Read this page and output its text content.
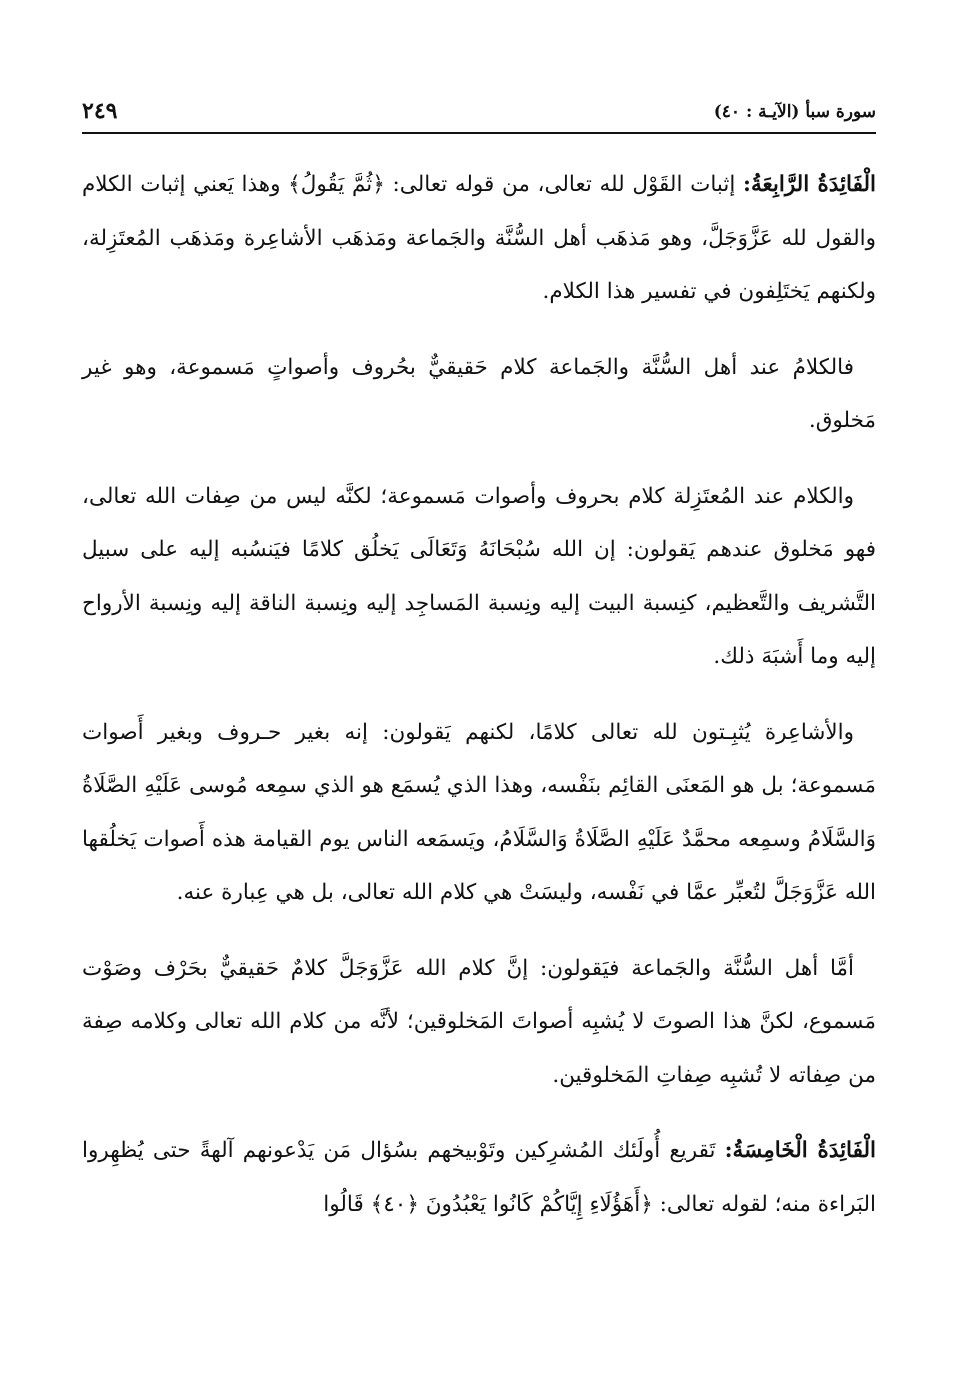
سورة سبأ (الآيـة : ٤٠)
٢٤٩

الْفَائِدَةُ الرَّابِعَةُ: إثبات القَوْل لله تعالى، من قوله تعالى: ﴿ثُمَّ يَقُولُ﴾ وهذا يَعني إثبات الكلام والقول لله عَزَّوَجَلَّ، وهو مَذهَب أهل السُّنَّة والجَماعة ومَذهَب الأشاعِرة ومَذهَب المُعتَزِلة، ولكنهم يَختَلِفون في تفسير هذا الكلام.

فالكلامُ عند أهل السُّنَّة والجَماعة كلام حَقيقيٌّ بحُروف وأصواتٍ مَسموعة، وهو غير مَخلوق.

والكلام عند المُعتَزِلة كلام بحروف وأصوات مَسموعة؛ لكنَّه ليس من صِفات الله تعالى، فهو مَخلوق عندهم يَقولون: إن الله سُبْحَانَهُ وَتَعَالَى يَخلُق كلامًا فيَنسُبه إليه على سبيل التَّشريف والتَّعظيم، كنِسبة البيت إليه ونِسبة المَساجِد إليه ونِسبة الناقة إليه ونِسبة الأرواح إليه وما أَشبَهَ ذلك.

والأشاعِرة يُثبِـتون لله تعالى كلامًا، لكنهم يَقولون: إنه بغير حـروف وبغير أَصوات مَسموعة؛ بل هو المَعنَى القائِم بنَفْسه، وهذا الذي يُسمَع هو الذي سمِعه مُوسى عَلَيْهِ الصَّلَاةُ وَالسَّلَامُ وسمِعه محمَّدٌ عَلَيْهِ الصَّلَاةُ وَالسَّلَامُ، ويَسمَعه الناس يوم القيامة هذه أَصوات يَخلُقها الله عَزَّوَجَلَّ لتُعبِّر عمَّا في نَفْسه، وليسَتْ هي كلام الله تعالى، بل هي عِبارة عنه.

أمَّا أهل السُّنَّة والجَماعة فيَقولون: إنَّ كلام الله عَزَّوَجَلَّ كلامٌ حَقيقيٌّ بحَرْف وصَوْت مَسموع، لكنَّ هذا الصوتَ لا يُشبِه أصواتَ المَخلوقين؛ لأنَّه من كلام الله تعالى وكلامه صِفة من صِفاته لا تُشبِه صِفاتِ المَخلوقين.

الْفَائِدَةُ الْخَامِسَةُ: تَقريع أُولَئك المُشرِكين وتَوْبيخهم بسُؤال مَن يَدْعونهم آلهةً حتى يُظهِروا البَراءة منه؛ لقوله تعالى: ﴿أَهَؤُلَاءِ إِيَّاكُمْ كَانُوا يَعْبُدُونَ ﴿٤٠﴾ قَالُوا
